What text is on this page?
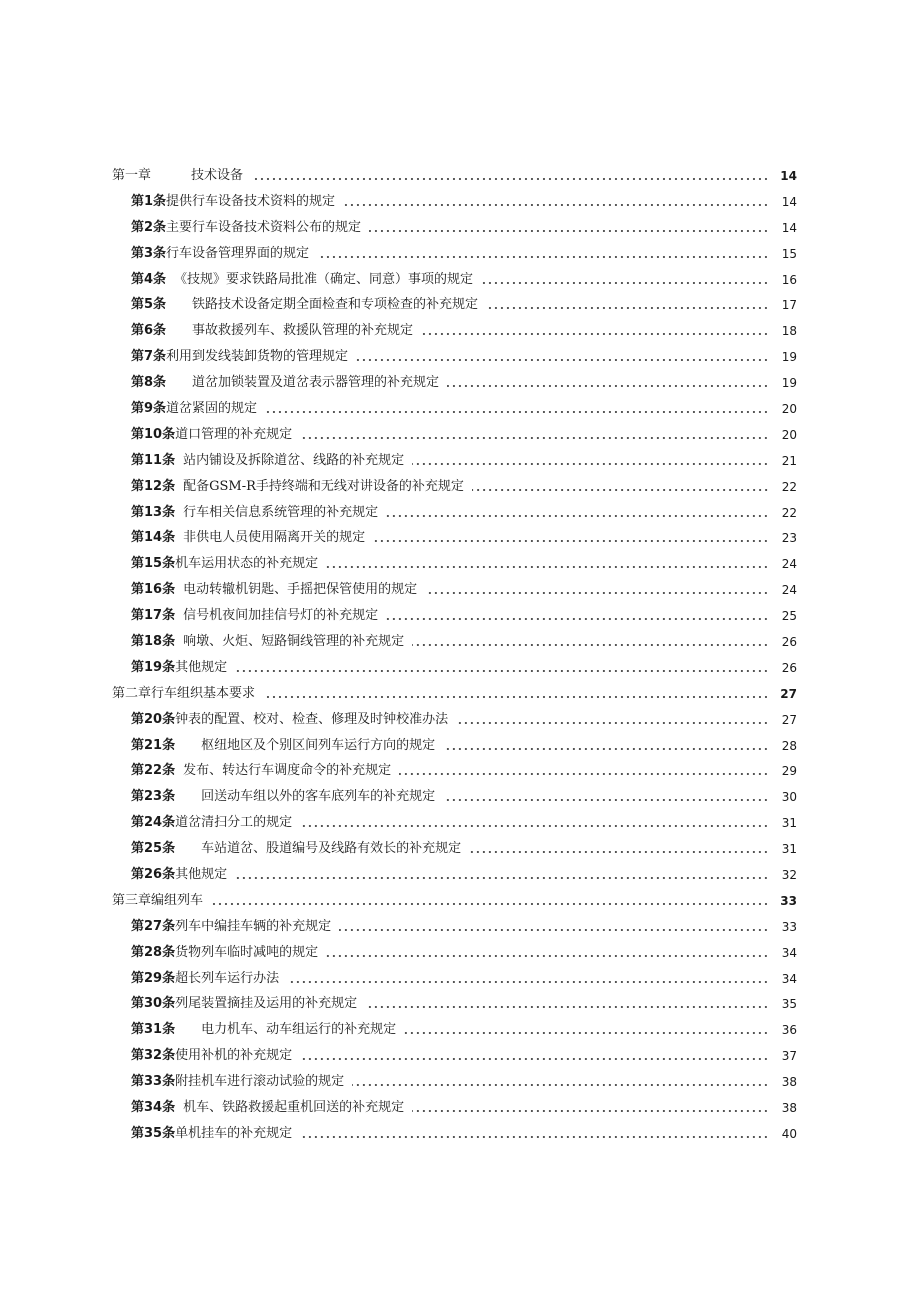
第一章	技术设备	14
第1条提供行车设备技术资料的规定	14
第2条主要行车设备技术资料公布的规定	14
第3条行车设备管理界面的规定	15
第4条 《技规》要求铁路局批准（确定、同意）事项的规定	16
第5条 铁路技术设备定期全面检查和专项检查的补充规定	17
第6条 事故救援列车、救援队管理的补充规定	18
第7条利用到发线装卸货物的管理规定	19
第8条 道岔加锁装置及道岔表示器管理的补充规定	19
第9条道岔紧固的规定	20
第10条道口管理的补充规定	20
第11条 站内铺设及拆除道岔、线路的补充规定	21
第12条 配备GSM-R手持终端和无线对讲设备的补充规定	22
第13条 行车相关信息系统管理的补充规定	22
第14条 非供电人员使用隔离开关的规定	23
第15条机车运用状态的补充规定	24
第16条 电动转辙机钥匙、手摇把保管使用的规定	24
第17条 信号机夜间加挂信号灯的补充规定	25
第18条 响墩、火炬、短路铜线管理的补充规定	26
第19条其他规定	26
第二章行车组织基本要求	27
第20条钟表的配置、校对、检查、修理及时钟校准办法	27
第21条 枢纽地区及个别区间列车运行方向的规定	28
第22条 发布、转达行车调度命令的补充规定	29
第23条 回送动车组以外的客车底列车的补充规定	30
第24条道岔清扫分工的规定	31
第25条 车站道岔、股道编号及线路有效长的补充规定	31
第26条其他规定	32
第三章编组列车	33
第27条列车中编挂车辆的补充规定	33
第28条货物列车临时减吨的规定	34
第29条超长列车运行办法	34
第30条列尾装置摘挂及运用的补充规定	35
第31条 电力机车、动车组运行的补充规定	36
第32条使用补机的补充规定	37
第33条附挂机车进行滚动试验的规定	38
第34条 机车、铁路救援起重机回送的补充规定	38
第35条单机挂车的补充规定	40
